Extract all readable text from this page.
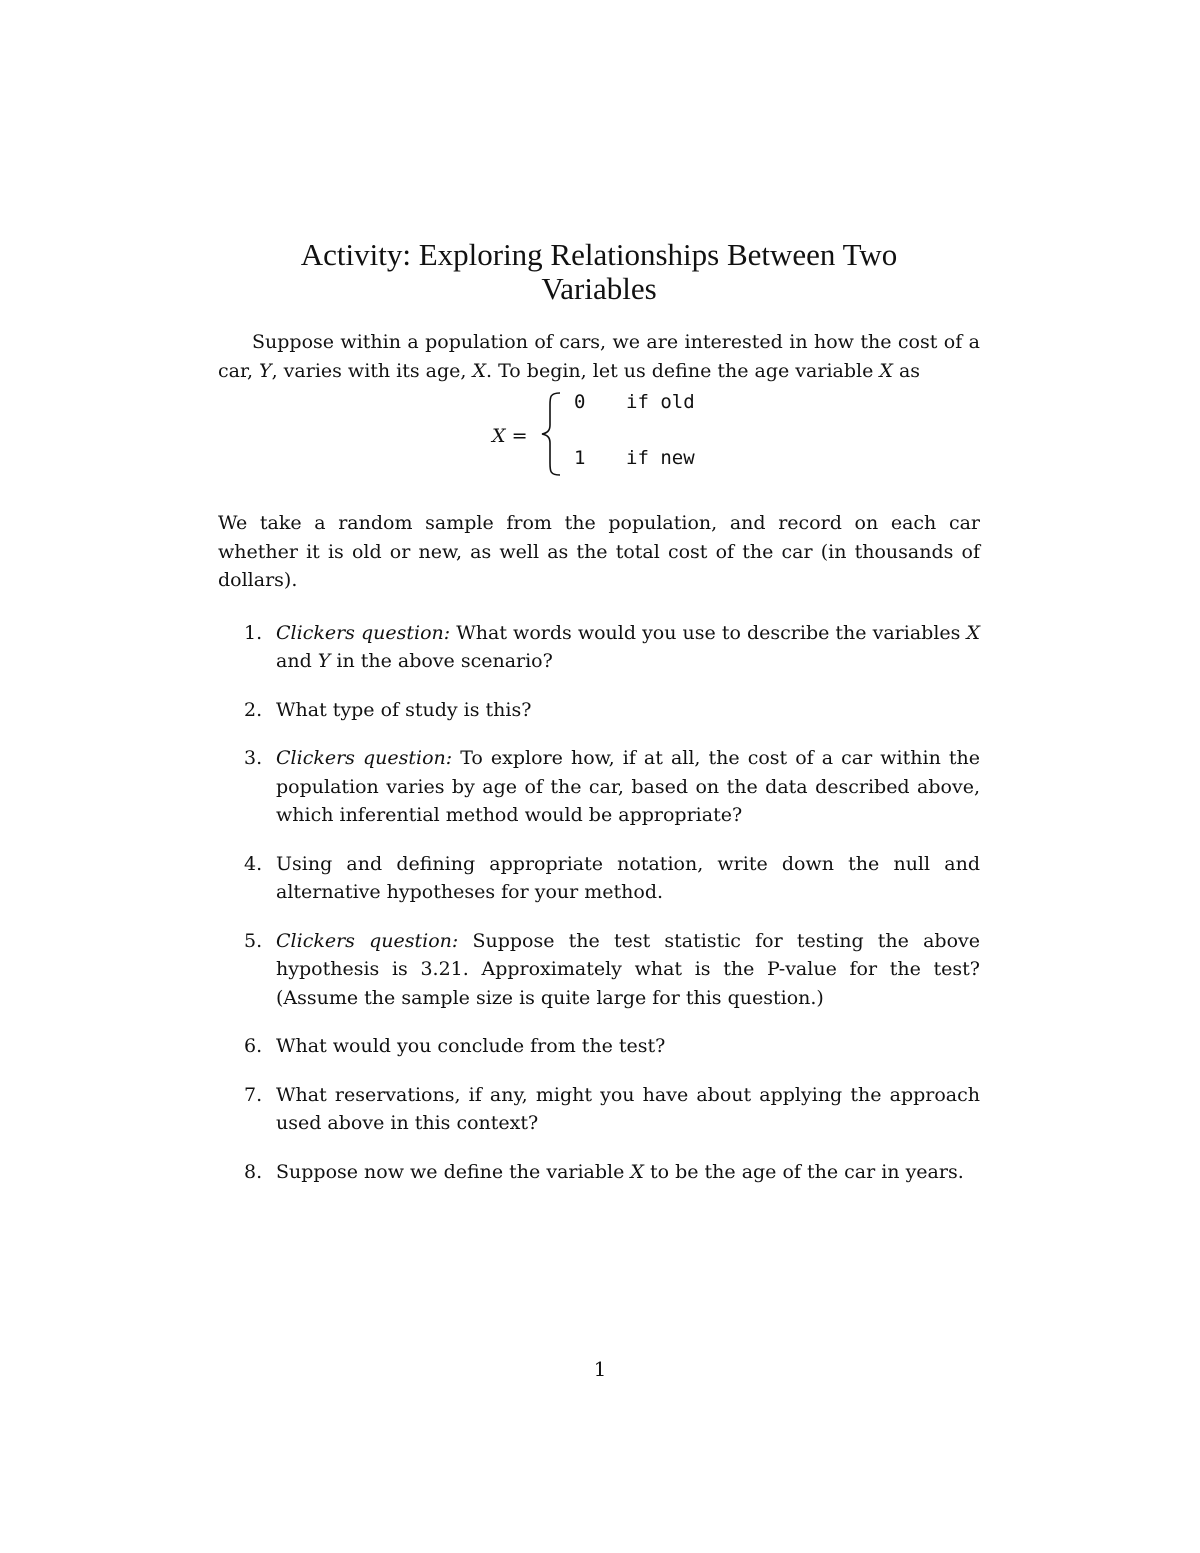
Activity: Exploring Relationships Between Two
Variables

Suppose within a population of cars, we are interested in how the cost of a car, Y, varies with its age, X. To begin, let us define the age variable X as

X =
0 if old
1 if new

We take a random sample from the population, and record on each car whether it is old or new, as well as the total cost of the car (in thousands of dollars).

1. Clickers question: What words would you use to describe the variables X and Y in the above scenario?
2. What type of study is this?
3. Clickers question: To explore how, if at all, the cost of a car within the population varies by age of the car, based on the data described above, which inferential method would be appropriate?
4. Using and defining appropriate notation, write down the null and alternative hypotheses for your method.
5. Clickers question: Suppose the test statistic for testing the above hypothesis is 3.21. Approximately what is the P-value for the test? (Assume the sample size is quite large for this question.)
6. What would you conclude from the test?
7. What reservations, if any, might you have about applying the approach used above in this context?
8. Suppose now we define the variable X to be the age of the car in years.
1
